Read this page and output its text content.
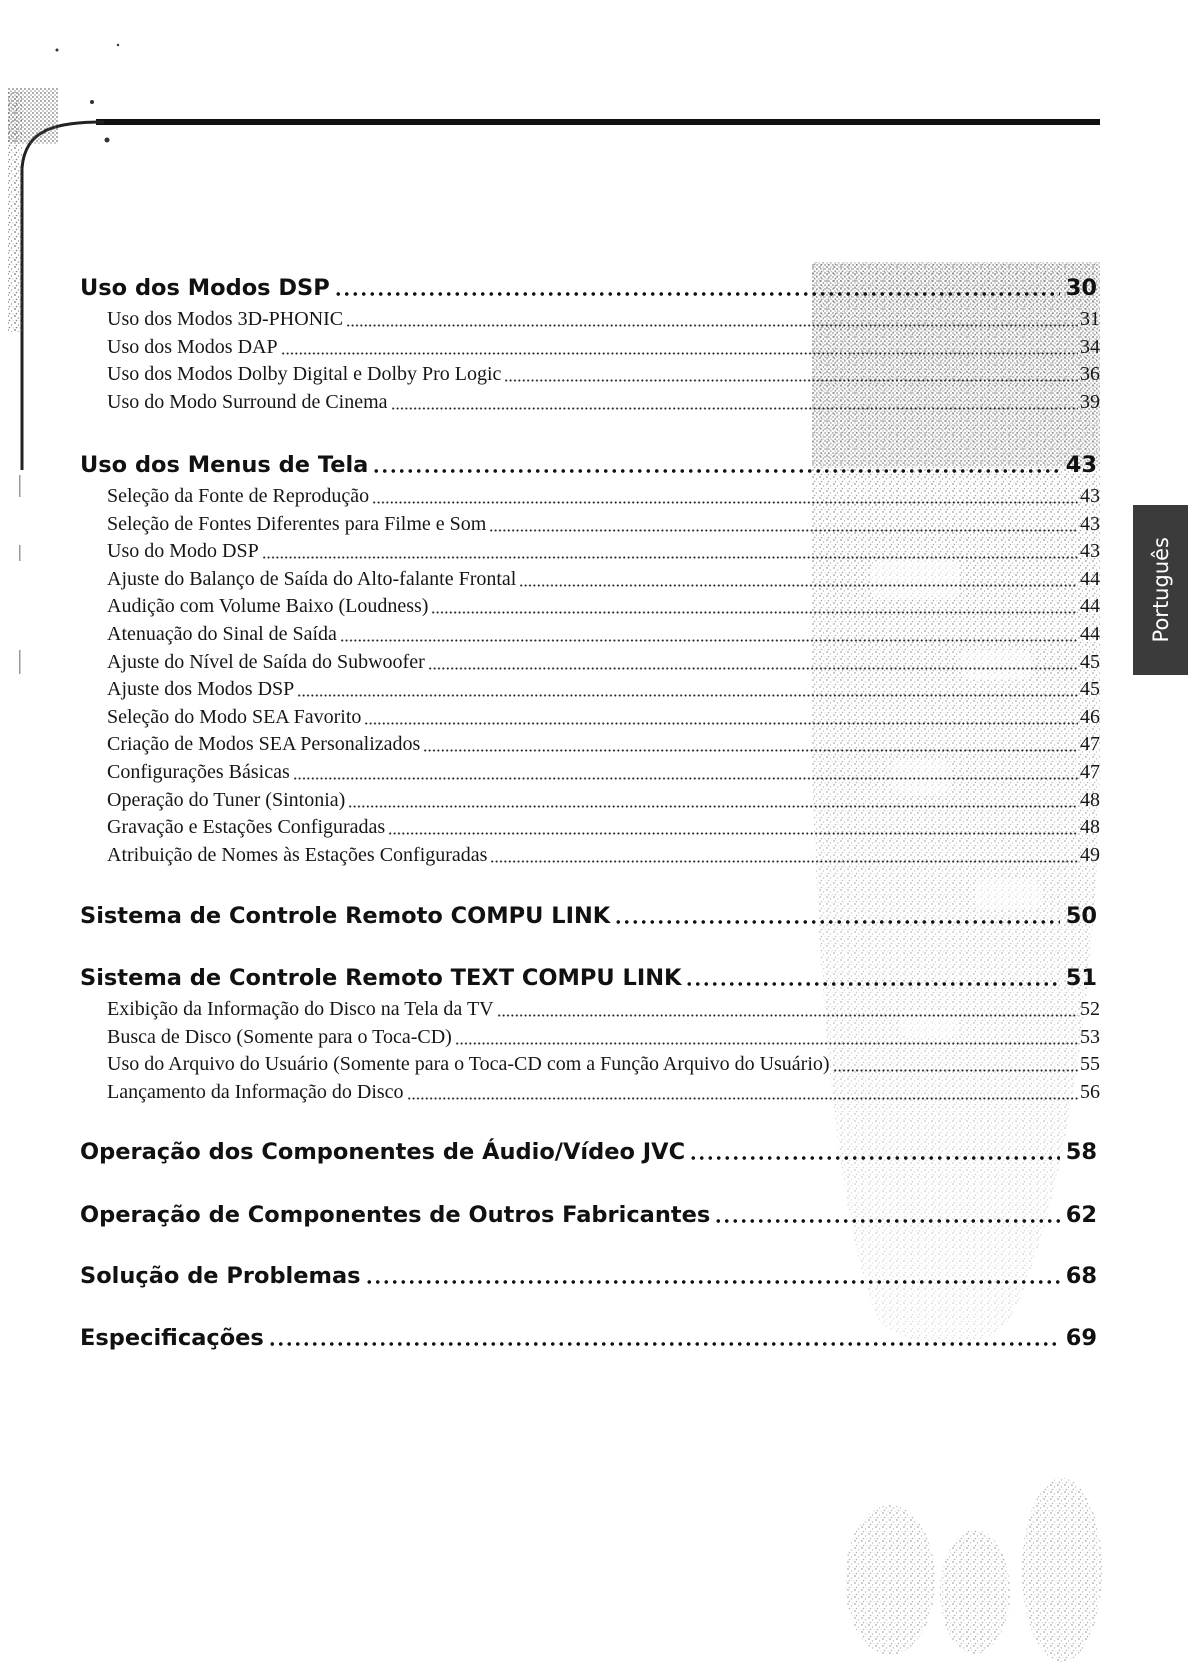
Uso dos Modos DSP	30
Uso dos Modos 3D-PHONIC	31
Uso dos Modos DAP	34
Uso dos Modos Dolby Digital e Dolby Pro Logic	36
Uso do Modo Surround de Cinema	39
Uso dos Menus de Tela	43
Seleção da Fonte de Reprodução	43
Seleção de Fontes Diferentes para Filme e Som	43
Uso do Modo DSP	43
Ajuste do Balanço de Saída do Alto-falante Frontal	44
Audição com Volume Baixo (Loudness)	44
Atenuação do Sinal de Saída	44
Ajuste do Nível de Saída do Subwoofer	45
Ajuste dos Modos DSP	45
Seleção do Modo SEA Favorito	46
Criação de Modos SEA Personalizados	47
Configurações Básicas	47
Operação do Tuner (Sintonia)	48
Gravação e Estações Configuradas	48
Atribuição de Nomes às Estações Configuradas	49
Sistema de Controle Remoto COMPU LINK	50
Sistema de Controle Remoto TEXT COMPU LINK	51
Exibição da Informação do Disco na Tela da TV	52
Busca de Disco (Somente para o Toca-CD)	53
Uso do Arquivo do Usuário (Somente para o Toca-CD com a Função Arquivo do Usuário)	55
Lançamento da Informação do Disco	56
Operação dos Componentes de Áudio/Vídeo JVC	58
Operação de Componentes de Outros Fabricantes	62
Solução de Problemas	68
Especificações	69
Português
